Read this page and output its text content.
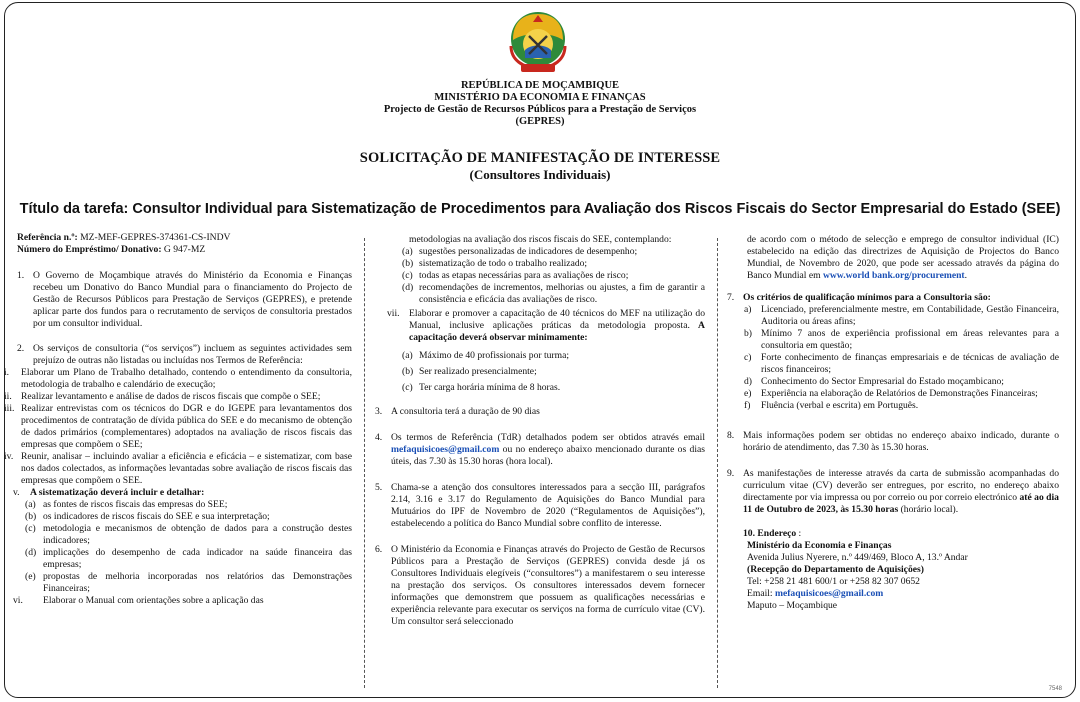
REPÚBLICA DE MOÇAMBIQUE
MINISTÉRIO DA ECONOMIA E FINANÇAS
Projecto de Gestão de Recursos Públicos para a Prestação de Serviços
(GEPRES)
SOLICITAÇÃO DE MANIFESTAÇÃO DE INTERESSE
(Consultores Individuais)
Título da tarefa: Consultor Individual para Sistematização de Procedimentos para Avaliação dos Riscos Fiscais do Sector Empresarial do Estado (SEE)

Referência n.º: MZ-MEF-GEPRES-374361-CS-INDV

Número do Empréstimo/ Donativo: G 947-MZ

1. O Governo de Moçambique através do Ministério da Economia e Finanças recebeu um Donativo do Banco Mundial para o financiamento do Projecto de Gestão de Recursos Públicos para Prestação de Serviços (GEPRES), e pretende aplicar parte dos fundos para o recrutamento de serviços de consultoria prestados por um consultor individual.
2. Os serviços de consultoria (“os serviços”) incluem as seguintes actividades sem prejuízo de outras não listadas ou incluídas nos Termos de Referência:
i. Elaborar um Plano de Trabalho detalhado, contendo o entendimento da consultoria, metodologia de trabalho e calendário de execução;
ii. Realizar levantamento e análise de dados de riscos fiscais que compõe o SEE;
iii. Realizar entrevistas com os técnicos do DGR e do IGEPE para levantamentos dos procedimentos de contratação de dívida pública do SEE e do mecanismo de obtenção de dados primários (complementares) adoptados na avaliação de riscos fiscais das empresas que compõem o SEE;
iv. Reunir, analisar – incluindo avaliar a eficiência e eficácia – e sistematizar, com base nos dados colectados, as informações levantadas sobre avaliação de riscos fiscais das empresas que compõem o SEE.
v. A sistematização deverá incluir e detalhar:
(a) as fontes de riscos fiscais das empresas do SEE;
(b) os indicadores de riscos fiscais do SEE e sua interpretação;
(c) metodologia e mecanismos de obtenção de dados para a construção destes indicadores;
(d) implicações do desempenho de cada indicador na saúde financeira das empresas;
(e) propostas de melhoria incorporadas nos relatórios das Demonstrações Financeiras;
vi. Elaborar o Manual com orientações sobre a aplicação das

metodologias na avaliação dos riscos fiscais do SEE, contemplando:

(a) sugestões personalizadas de indicadores de desempenho;
(b) sistematização de todo o trabalho realizado;
(c) todas as etapas necessárias para as avaliações de risco;
(d) recomendações de incrementos, melhorias ou ajustes, a fim de garantir a consistência e eficácia das avaliações de risco.
vii. Elaborar e promover a capacitação de 40 técnicos do MEF na utilização do Manual, inclusive aplicações práticas da metodologia proposta. A capacitação deverá observar minimamente:
(a) Máximo de 40 profissionais por turma;
(b) Ser realizado presencialmente;
(c) Ter carga horária mínima de 8 horas.
3. A consultoria terá a duração de 90 dias
4. Os termos de Referência (TdR) detalhados podem ser obtidos através email mefaquisicoes@gmail.com ou no endereço abaixo mencionado durante os dias úteis, das 7.30 às 15.30 horas (hora local).
5. Chama-se a atenção dos consultores interessados para a secção III, parágrafos 2.14, 3.16 e 3.17 do Regulamento de Aquisições do Banco Mundial para Mutuários do IPF de Novembro de 2020 (“Regulamentos de Aquisições”), estabelecendo a política do Banco Mundial sobre conflito de interesse.
6. O Ministério da Economia e Finanças através do Projecto de Gestão de Recursos Públicos para a Prestação de Serviços (GEPRES) convida desde já os Consultores Individuais elegíveis (“consultores”) a manifestarem o seu interesse na prestação dos serviços. Os consultores interessados devem fornecer informações que demonstrem que possuem as qualificações necessárias e experiência relevante para executar os serviços na forma de currículo vitae (CV). Um consultor será seleccionado

de acordo com o método de selecção e emprego de consultor individual (IC) estabelecido na edição das directrizes de Aquisição de Projectos do Banco Mundial, de Novembro de 2020, que pode ser acessado através da página do Banco Mundial em www.world bank.org/procurement.

7. Os critérios de qualificação mínimos para a Consultoria são:
a) Licenciado, preferencialmente mestre, em Contabilidade, Gestão Financeira, Auditoria ou áreas afins;
b) Mínimo 7 anos de experiência profissional em áreas relevantes para a consultoria em questão;
c) Forte conhecimento de finanças empresariais e de técnicas de avaliação de riscos financeiros;
d) Conhecimento do Sector Empresarial do Estado moçambicano;
e) Experiência na elaboração de Relatórios de Demonstrações Financeiras;
f) Fluência (verbal e escrita) em Português.
8. Mais informações podem ser obtidas no endereço abaixo indicado, durante o horário de atendimento, das 7.30 às 15.30 horas.
9. As manifestações de interesse através da carta de submissão acompanhadas do curriculum vitae (CV) deverão ser entregues, por escrito, no endereço abaixo directamente por via impressa ou por correio ou por correio electrónico até ao dia 11 de Outubro de 2023, às 15.30 horas (horário local).

10. Endereço :

Ministério da Economia e Finanças

Avenida Julius Nyerere, n.º 449/469, Bloco A, 13.º Andar

(Recepção do Departamento de Aquisições)

Tel: +258 21 481 600/1 or +258 82 307 0652

Email: mefaquisicoes@gmail.com

Maputo – Moçambique

7548
